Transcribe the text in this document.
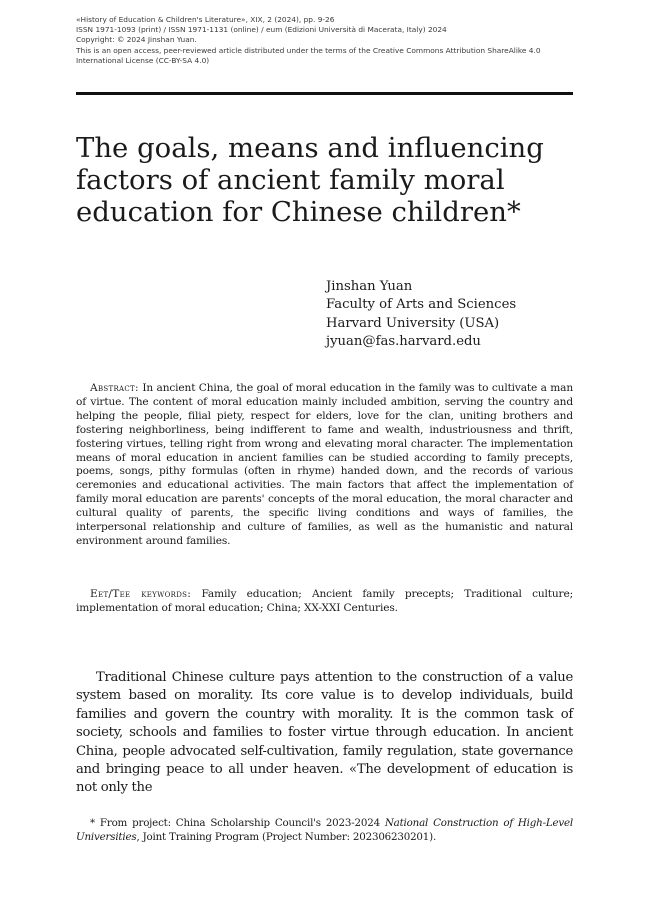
«History of Education & Children's Literature», XIX, 2 (2024), pp. 9-26
ISSN 1971-1093 (print) / ISSN 1971-1131 (online) / eum (Edizioni Università di Macerata, Italy) 2024
Copyright: © 2024 Jinshan Yuan.
This is an open access, peer-reviewed article distributed under the terms of the Creative Commons Attribution ShareAlike 4.0
International License (CC-BY-SA 4.0)
The goals, means and influencing factors of ancient family moral education for Chinese children*
Jinshan Yuan
Faculty of Arts and Sciences
Harvard University (USA)
jyuan@fas.harvard.edu

Abstract: In ancient China, the goal of moral education in the family was to cultivate a man of virtue. The content of moral education mainly included ambition, serving the country and helping the people, filial piety, respect for elders, love for the clan, uniting brothers and fostering neighborliness, being indifferent to fame and wealth, industriousness and thrift, fostering virtues, telling right from wrong and elevating moral character. The implementation means of moral education in ancient families can be studied according to family precepts, poems, songs, pithy formulas (often in rhyme) handed down, and the records of various ceremonies and educational activities. The main factors that affect the implementation of family moral education are parents' concepts of the moral education, the moral character and cultural quality of parents, the specific living conditions and ways of families, the interpersonal relationship and culture of families, as well as the humanistic and natural environment around families.

Eet/Tee keywords: Family education; Ancient family precepts; Traditional culture; implementation of moral education; China; XX-XXI Centuries.

Traditional Chinese culture pays attention to the construction of a value system based on morality. Its core value is to develop individuals, build families and govern the country with morality. It is the common task of society, schools and families to foster virtue through education. In ancient China, people advocated self-cultivation, family regulation, state governance and bringing peace to all under heaven. «The development of education is not only the

* From project: China Scholarship Council's 2023-2024 National Construction of High-Level Universities, Joint Training Program (Project Number: 202306230201).
